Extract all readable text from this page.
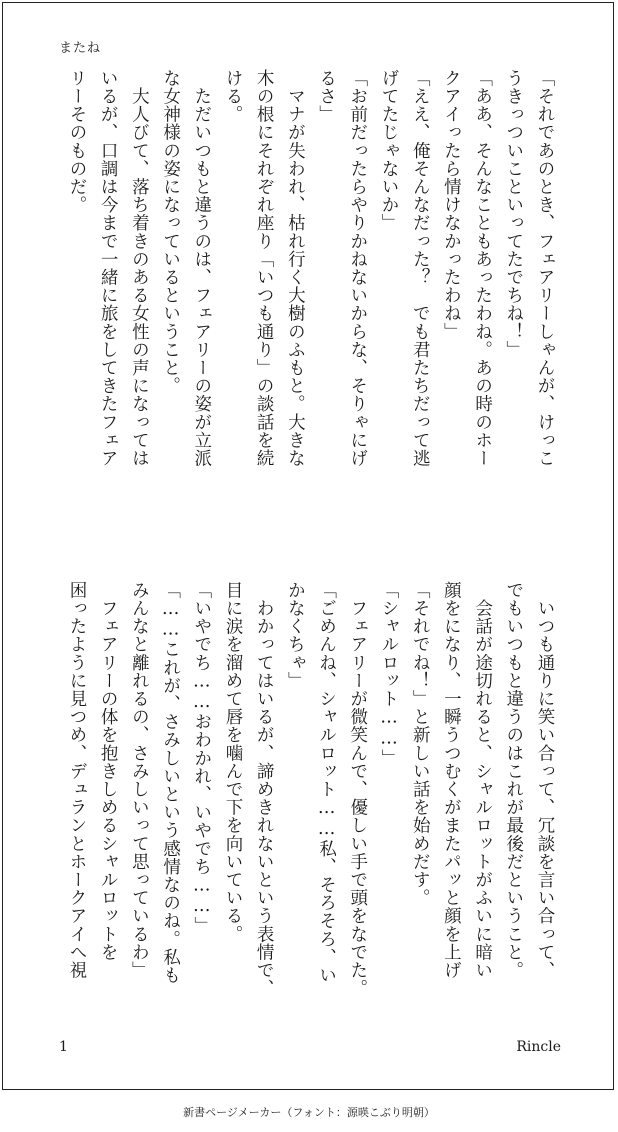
またね

「それであのとき、フェアリーしゃんが、けっこ

うきっついこといってたでちね！」

「ああ、そんなこともあったわね。あの時のホー

クアイったら情けなかったわね」

「ええ、俺そんなだった？　でも君たちだって逃

げてたじゃないか」

「お前だったらやりかねないからな、そりゃにげ

るさ」

　マナが失われ、枯れ行く大樹のふもと。大きな

木の根にそれぞれ座り「いつも通り」の談話を続

ける。

　ただいつもと違うのは、フェアリーの姿が立派

な女神様の姿になっているということ。

　大人びて、落ち着きのある女性の声になっては

いるが、口調は今まで一緒に旅をしてきたフェア

リーそのものだ。

　いつも通りに笑い合って、冗談を言い合って、

でもいつもと違うのはこれが最後だということ。

　会話が途切れると、シャルロットがふいに暗い

顔をになり、一瞬うつむくがまたパッと顔を上げ

「それでね！」と新しい話を始めだす。

「シャルロット……」

　フェアリーが微笑んで、優しい手で頭をなでた。

「ごめんね、シャルロット……私、そろそろ、い

かなくちゃ」

　わかってはいるが、諦めきれないという表情で、

目に涙を溜めて唇を噛んで下を向いている。

「いやでち……おわかれ、いやでち……」

「……これが、さみしいという感情なのね。私も

みんなと離れるの、さみしいって思っているわ」

　フェアリーの体を抱きしめるシャルロットを

困ったように見つめ、デュランとホークアイへ視

1	Rincle
新書ページメーカー（フォント：源暎こぶり明朝）
